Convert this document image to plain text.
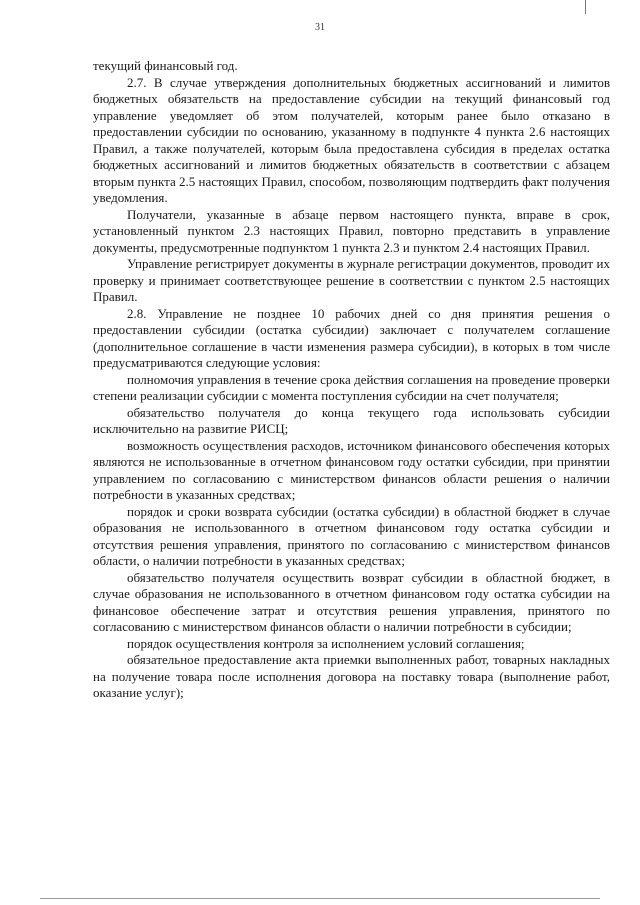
31

текущий финансовый год.

2.7. В случае утверждения дополнительных бюджетных ассигнований и лимитов бюджетных обязательств на предоставление субсидии на текущий финансовый год управление уведомляет об этом получателей, которым ранее было отказано в предоставлении субсидии по основанию, указанному в подпункте 4 пункта 2.6 настоящих Правил, а также получателей, которым была предоставлена субсидия в пределах остатка бюджетных ассигнований и лимитов бюджетных обязательств в соответствии с абзацем вторым пункта 2.5 настоящих Правил, способом, позволяющим подтвердить факт получения уведомления.

Получатели, указанные в абзаце первом настоящего пункта, вправе в срок, установленный пунктом 2.3 настоящих Правил, повторно представить в управление документы, предусмотренные подпунктом 1 пункта 2.3 и пунктом 2.4 настоящих Правил.

Управление регистрирует документы в журнале регистрации документов, проводит их проверку и принимает соответствующее решение в соответствии с пунктом 2.5 настоящих Правил.

2.8. Управление не позднее 10 рабочих дней со дня принятия решения о предоставлении субсидии (остатка субсидии) заключает с получателем соглашение (дополнительное соглашение в части изменения размера субсидии), в которых в том числе предусматриваются следующие условия:

полномочия управления в течение срока действия соглашения на проведение проверки степени реализации субсидии с момента поступления субсидии на счет получателя;

обязательство получателя до конца текущего года использовать субсидии исключительно на развитие РИСЦ;

возможность осуществления расходов, источником финансового обеспечения которых являются не использованные в отчетном финансовом году остатки субсидии, при принятии управлением по согласованию с министерством финансов области решения о наличии потребности в указанных средствах;

порядок и сроки возврата субсидии (остатка субсидии) в областной бюджет в случае образования не использованного в отчетном финансовом году остатка субсидии и отсутствия решения управления, принятого по согласованию с министерством финансов области, о наличии потребности в указанных средствах;

обязательство получателя осуществить возврат субсидии в областной бюджет, в случае образования не использованного в отчетном финансовом году остатка субсидии на финансовое обеспечение затрат и отсутствия решения управления, принятого по согласованию с министерством финансов области о наличии потребности в субсидии;

порядок осуществления контроля за исполнением условий соглашения;

обязательное предоставление акта приемки выполненных работ, товарных накладных на получение товара после исполнения договора на поставку товара (выполнение работ, оказание услуг);
